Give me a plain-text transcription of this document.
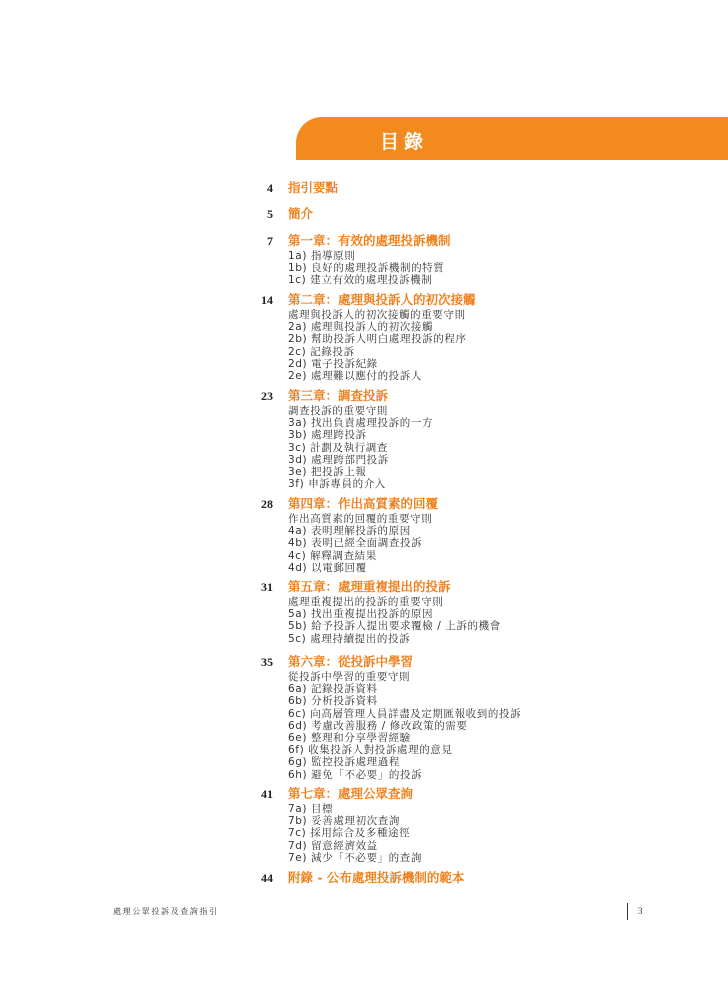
目錄
4 指引要點
5 簡介
7 第一章：有效的處理投訴機制
1a) 指導原則
1b) 良好的處理投訴機制的特質
1c) 建立有效的處理投訴機制
14 第二章：處理與投訴人的初次接觸
處理與投訴人的初次接觸的重要守則
2a) 處理與投訴人的初次接觸
2b) 幫助投訴人明白處理投訴的程序
2c) 記錄投訴
2d) 電子投訴紀錄
2e) 處理難以應付的投訴人
23 第三章：調查投訴
調查投訴的重要守則
3a) 找出負責處理投訴的一方
3b) 處理跨投訴
3c) 計劃及執行調查
3d) 處理跨部門投訴
3e) 把投訴上報
3f) 申訴專員的介入
28 第四章：作出高質素的回覆
作出高質素的回覆的重要守則
4a) 表明理解投訴的原因
4b) 表明已經全面調查投訴
4c) 解釋調查結果
4d) 以電郵回覆
31 第五章：處理重複提出的投訴
處理重複提出的投訴的重要守則
5a) 找出重複提出投訴的原因
5b) 給予投訴人提出要求覆檢 / 上訴的機會
5c) 處理持續提出的投訴
35 第六章：從投訴中學習
從投訴中學習的重要守則
6a) 記錄投訴資料
6b) 分析投訴資料
6c) 向高層管理人員詳盡及定期匯報收到的投訴
6d) 考慮改善服務 / 修改政策的需要
6e) 整理和分享學習經驗
6f) 收集投訴人對投訴處理的意見
6g) 監控投訴處理過程
6h) 避免「不必要」的投訴
41 第七章：處理公眾查詢
7a) 目標
7b) 妥善處理初次查詢
7c) 採用綜合及多種途徑
7d) 留意經濟效益
7e) 減少「不必要」的查詢
44 附錄 - 公布處理投訴機制的範本
處理公眾投訴及查詢指引	3
